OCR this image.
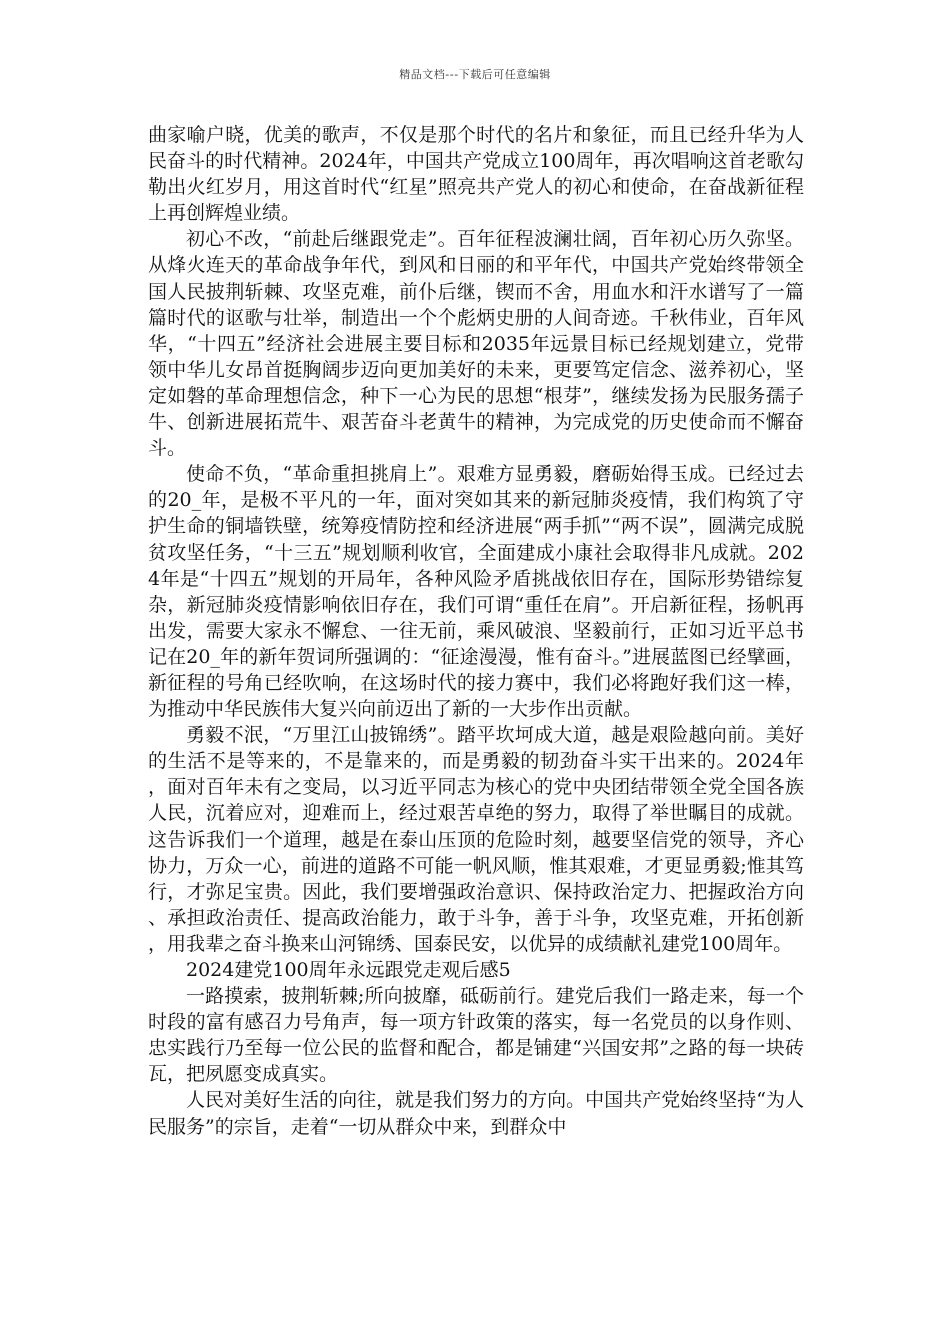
精品文档---下载后可任意编辑

曲家喻户晓，优美的歌声，不仅是那个时代的名片和象征，而且已经升华为人民奋斗的时代精神。2024年，中国共产党成立100周年，再次唱响这首老歌勾勒出火红岁月，用这首时代“红星”照亮共产党人的初心和使命，在奋战新征程上再创辉煌业绩。

初心不改，“前赴后继跟党走”。百年征程波澜壮阔，百年初心历久弥坚。从烽火连天的革命战争年代，到风和日丽的和平年代，中国共产党始终带领全国人民披荆斩棘、攻坚克难，前仆后继，锲而不舍，用血水和汗水谱写了一篇篇时代的讴歌与壮举，制造出一个个彪炳史册的人间奇迹。千秋伟业，百年风华，“十四五”经济社会进展主要目标和2035年远景目标已经规划建立，党带领中华儿女昂首挺胸阔步迈向更加美好的未来，更要笃定信念、滋养初心，坚定如磐的革命理想信念，种下一心为民的思想“根芽”，继续发扬为民服务孺子牛、创新进展拓荒牛、艰苦奋斗老黄牛的精神，为完成党的历史使命而不懈奋斗。

使命不负，“革命重担挑肩上”。艰难方显勇毅，磨砺始得玉成。已经过去的20_年，是极不平凡的一年，面对突如其来的新冠肺炎疫情，我们构筑了守护生命的铜墙铁壁，统筹疫情防控和经济进展“两手抓”“两不误”，圆满完成脱贫攻坚任务，“十三五”规划顺利收官，全面建成小康社会取得非凡成就。2024年是“十四五”规划的开局年，各种风险矛盾挑战依旧存在，国际形势错综复杂，新冠肺炎疫情影响依旧存在，我们可谓“重任在肩”。开启新征程，扬帆再出发，需要大家永不懈怠、一往无前，乘风破浪、坚毅前行，正如习近平总书记在20_年的新年贺词所强调的：“征途漫漫，惟有奋斗。”进展蓝图已经擘画，新征程的号角已经吹响，在这场时代的接力赛中，我们必将跑好我们这一棒，为推动中华民族伟大复兴向前迈出了新的一大步作出贡献。

勇毅不泯，“万里江山披锦绣”。踏平坎坷成大道，越是艰险越向前。美好的生活不是等来的，不是靠来的，而是勇毅的韧劲奋斗实干出来的。2024年，面对百年未有之变局，以习近平同志为核心的党中央团结带领全党全国各族人民，沉着应对，迎难而上，经过艰苦卓绝的努力，取得了举世瞩目的成就。这告诉我们一个道理，越是在泰山压顶的危险时刻，越要坚信党的领导，齐心协力，万众一心，前进的道路不可能一帆风顺，惟其艰难，才更显勇毅;惟其笃行，才弥足宝贵。因此，我们要增强政治意识、保持政治定力、把握政治方向、承担政治责任、提高政治能力，敢于斗争，善于斗争，攻坚克难，开拓创新，用我辈之奋斗换来山河锦绣、国泰民安，以优异的成绩献礼建党100周年。

2024建党100周年永远跟党走观后感5

一路摸索，披荆斩棘;所向披靡，砥砺前行。建党后我们一路走来，每一个时段的富有感召力号角声，每一项方针政策的落实，每一名党员的以身作则、忠实践行乃至每一位公民的监督和配合，都是铺建“兴国安邦”之路的每一块砖瓦，把夙愿变成真实。

人民对美好生活的向往，就是我们努力的方向。中国共产党始终坚持“为人民服务”的宗旨，走着“一切从群众中来，到群众中
